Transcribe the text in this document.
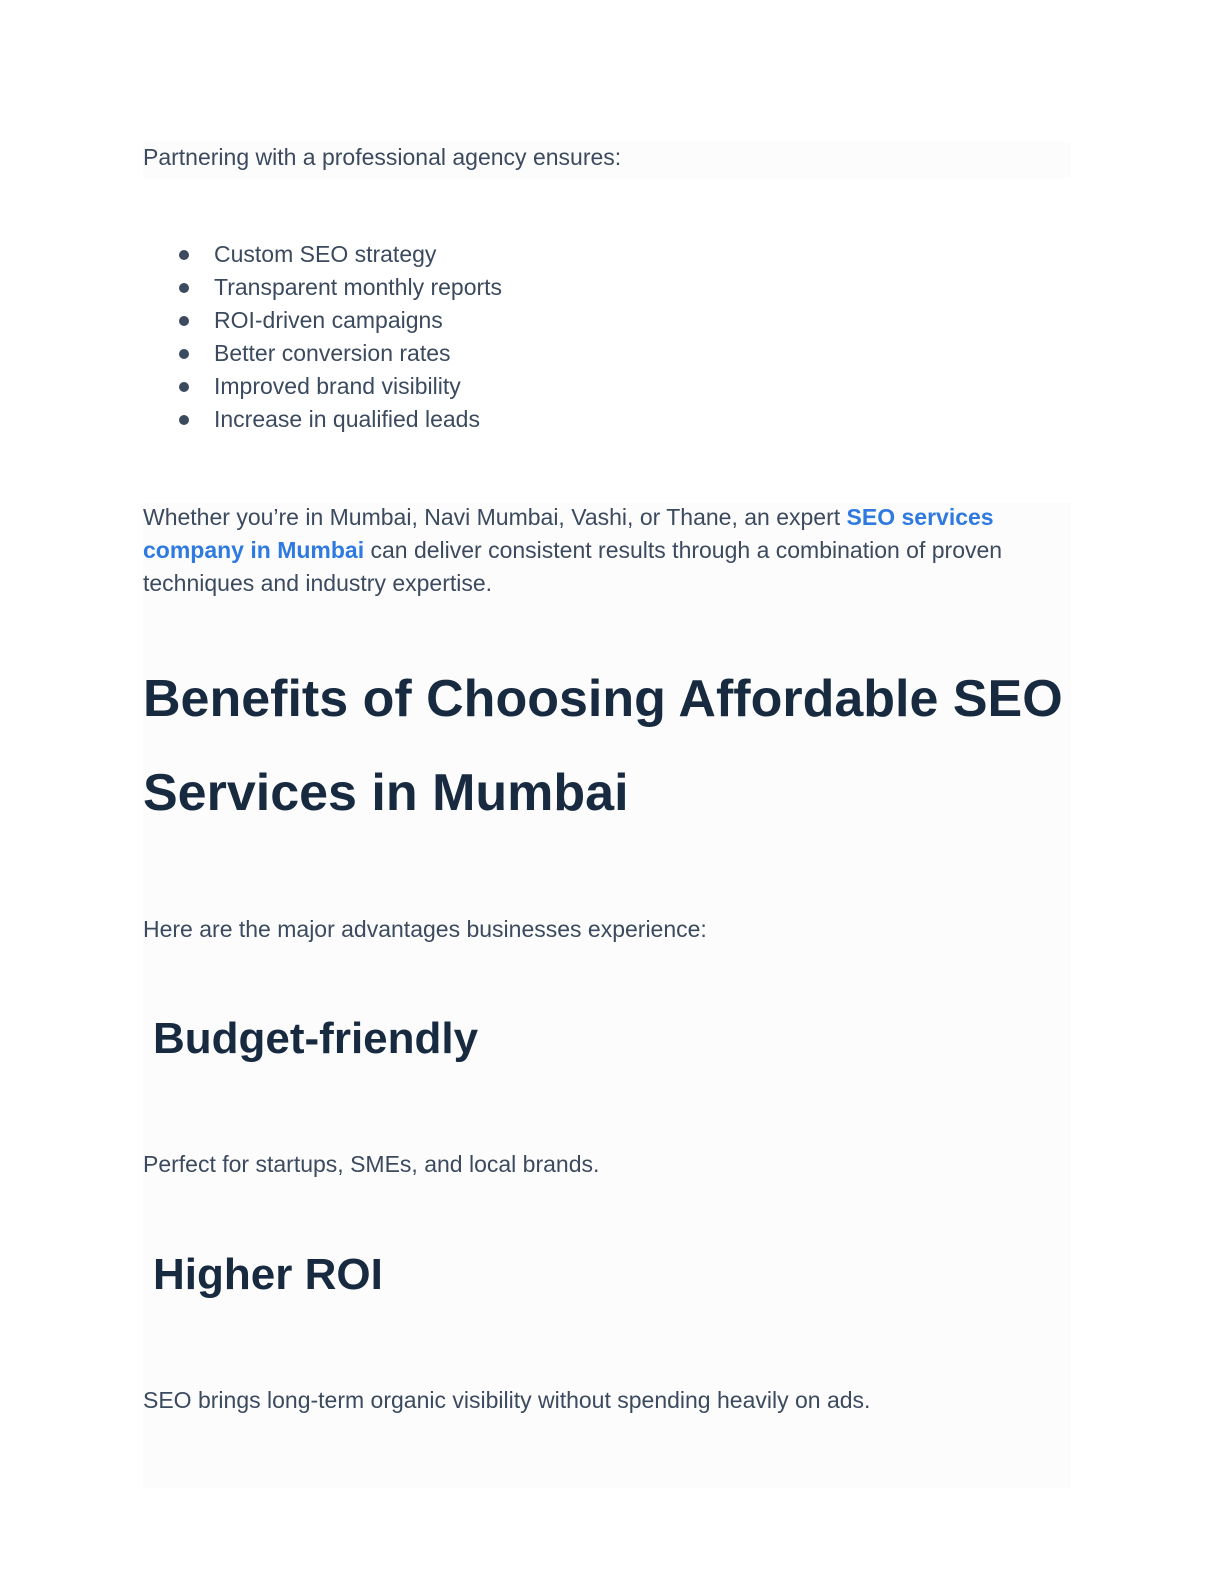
Partnering with a professional agency ensures:

Custom SEO strategy
Transparent monthly reports
ROI-driven campaigns
Better conversion rates
Improved brand visibility
Increase in qualified leads

Whether you’re in Mumbai, Navi Mumbai, Vashi, or Thane, an expert SEO services company in Mumbai can deliver consistent results through a combination of proven techniques and industry expertise.

Benefits of Choosing Affordable SEO Services in Mumbai

Here are the major advantages businesses experience:

Budget-friendly

Perfect for startups, SMEs, and local brands.

Higher ROI

SEO brings long-term organic visibility without spending heavily on ads.
